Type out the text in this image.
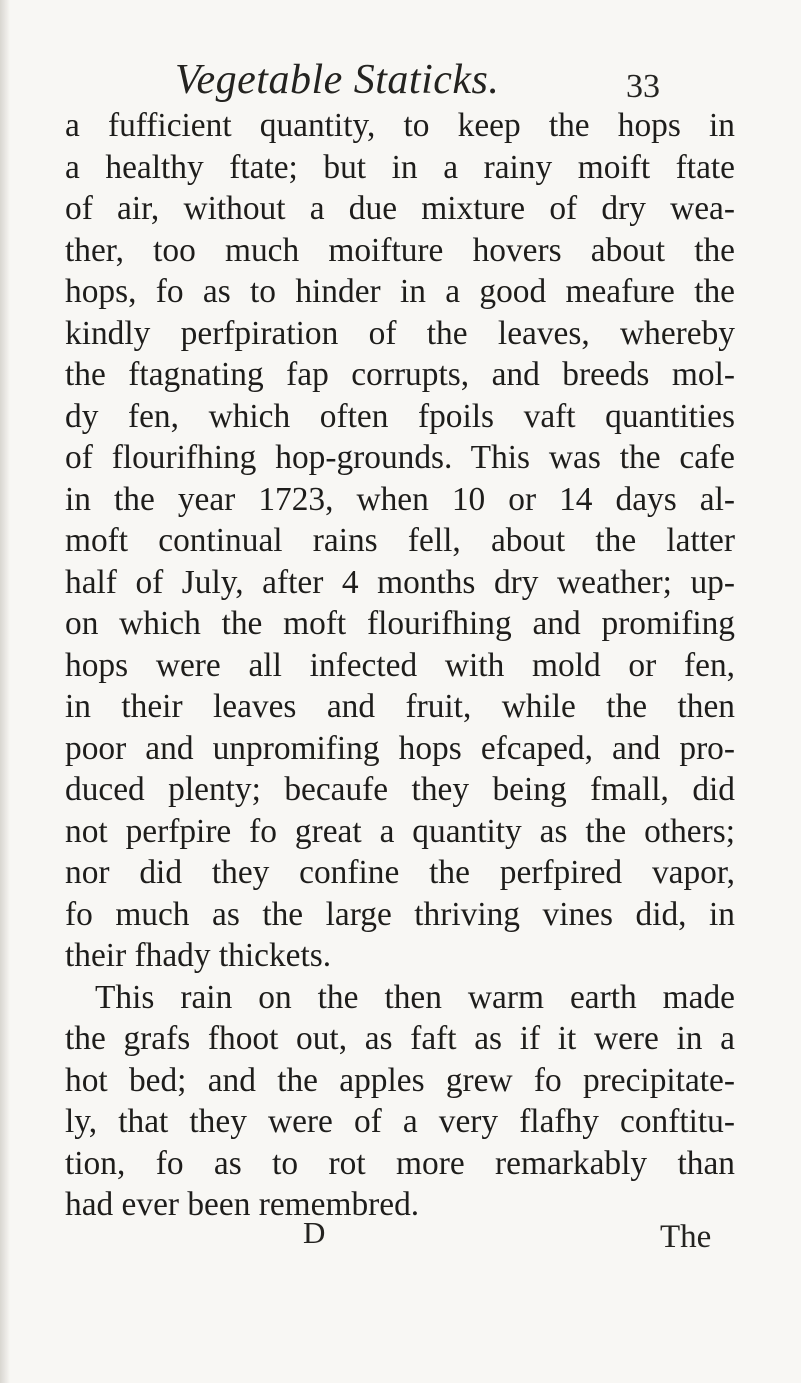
Vegetable Staticks.	33
a fufficient quantity, to keep the hops in
a healthy ftate; but in a rainy moift ftate
of air, without a due mixture of dry wea-
ther, too much moifture hovers about the
hops, fo as to hinder in a good meafure the
kindly perfpiration of the leaves, whereby
the ftagnating fap corrupts, and breeds mol-
dy fen, which often fpoils vaft quantities
of flourifhing hop-grounds. This was the cafe
in the year 1723, when 10 or 14 days al-
moft continual rains fell, about the latter
half of July, after 4 months dry weather; up-
on which the moft flourifhing and promifing
hops were all infected with mold or fen,
in their leaves and fruit, while the then
poor and unpromifing hops efcaped, and pro-
duced plenty; becaufe they being fmall, did
not perfpire fo great a quantity as the others;
nor did they confine the perfpired vapor,
fo much as the large thriving vines did, in
their fhady thickets.
This rain on the then warm earth made
the grafs fhoot out, as faft as if it were in a
hot bed; and the apples grew fo precipitate-
ly, that they were of a very flafhy conftitu-
tion, fo as to rot more remarkably than
had ever been remembred.
D	The
